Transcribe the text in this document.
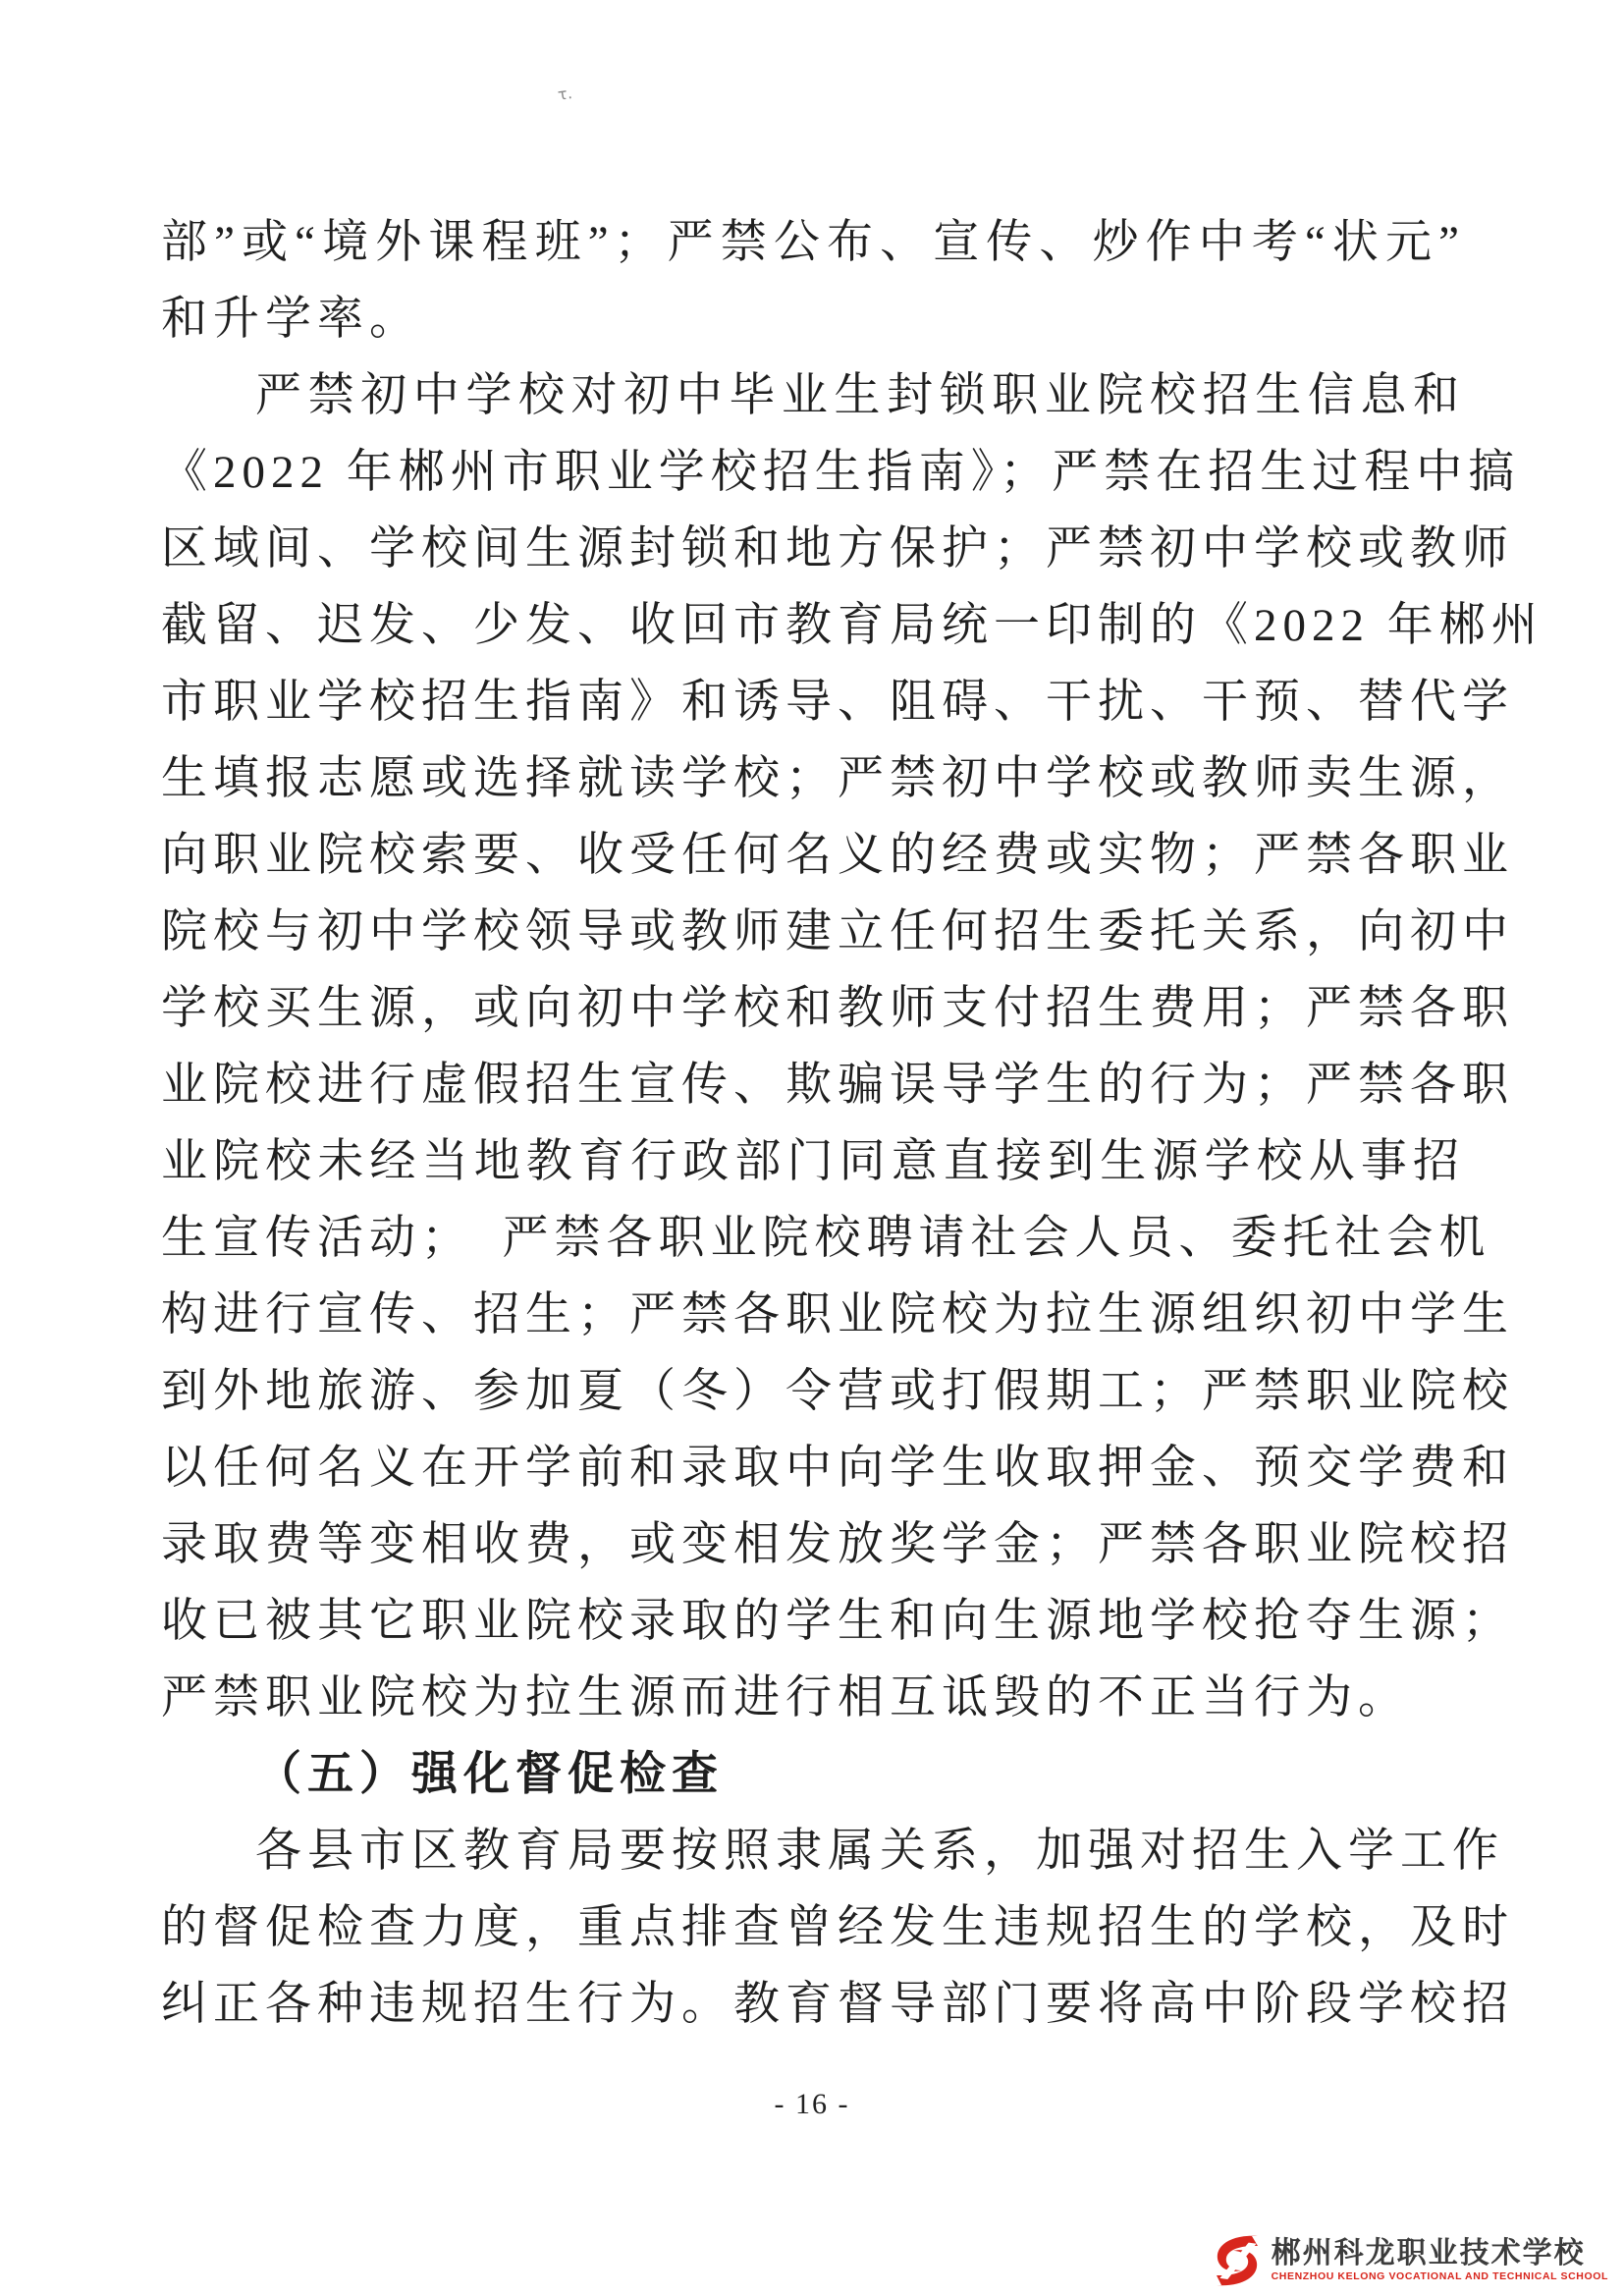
τ.
部”或“境外课程班”；严禁公布、宣传、炒作中考“状元”
和升学率。
严禁初中学校对初中毕业生封锁职业院校招生信息和
《2022 年郴州市职业学校招生指南》；严禁在招生过程中搞
区域间、学校间生源封锁和地方保护；严禁初中学校或教师
截留、迟发、少发、收回市教育局统一印制的《2022 年郴州
市职业学校招生指南》和诱导、阻碍、干扰、干预、替代学
生填报志愿或选择就读学校；严禁初中学校或教师卖生源，
向职业院校索要、收受任何名义的经费或实物；严禁各职业
院校与初中学校领导或教师建立任何招生委托关系，向初中
学校买生源，或向初中学校和教师支付招生费用；严禁各职
业院校进行虚假招生宣传、欺骗误导学生的行为；严禁各职
业院校未经当地教育行政部门同意直接到生源学校从事招
生宣传活动；　严禁各职业院校聘请社会人员、委托社会机
构进行宣传、招生；严禁各职业院校为拉生源组织初中学生
到外地旅游、参加夏（冬）令营或打假期工；严禁职业院校
以任何名义在开学前和录取中向学生收取押金、预交学费和
录取费等变相收费，或变相发放奖学金；严禁各职业院校招
收已被其它职业院校录取的学生和向生源地学校抢夺生源；
严禁职业院校为拉生源而进行相互诋毁的不正当行为。
（五）强化督促检查
各县市区教育局要按照隶属关系，加强对招生入学工作
的督促检查力度，重点排查曾经发生违规招生的学校，及时
纠正各种违规招生行为。教育督导部门要将高中阶段学校招
- 16 -
郴州科龙职业技术学校
CHENZHOU KELONG VOCATIONAL AND TECHNICAL SCHOOL
